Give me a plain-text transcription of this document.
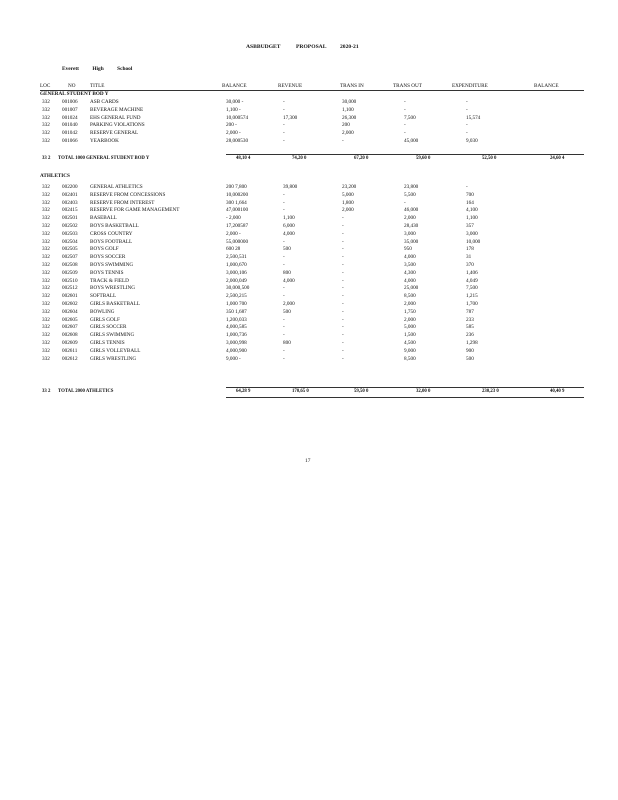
ASBBUDGET	PROPOSAL 2020-21
Everett High School
LOC	NO	TITLE	BALANCE	REVENUE	TRANS IN	TRANS OUT	EXPENDITURE	BALANCE
GENERAL STUDENT BOD Y
332 001006 ASB CARDS	30,000 -	-	30,000	-	-
332 001007 BEVERAGE MACHINE	1,100 -	-	1,100	-	-
332 001024 EHS GENERAL FUND	10,000574	17,300	26,300	7,500	15,574
332 001040 PARKING VIOLATIONS	200 -	-	200	-	-
332 001042 RESERVE GENERAL	2,000 -	-	2,000	-	-
332 001066 YEARBOOK	28,000530	-	-	45,000	9,030
33 2 TOTAL 1000 GENERAL STUDENT BOD Y	48,10 4	74,20 0	67,20 0	59,60 0	52,50 0	24,60 4
ATHLETICS
332 002200 GENERAL ATHLETICS	200 7,800	39,800	23,200	23,800	-
332 002401 RESERVE FROM CONCESSIONS	10,000200	-	5,000	5,500	700
332 002403 RESERVE FROM INTEREST	300 1,664	-	1,800	-	164
332 002415 RESERVE FOR GAME MANAGEMENT	47,000100	-	2,000	46,000	4,100
332 002501 BASEBALL	- 2,000	1,100	-	2,000	1,100
332 002502 BOYS BASKETBALL	17,200587	6,000	-	28,430	357
332 002503 CROSS COUNTRY	2,000 -	4,000	-	3,000	3,000
332 002504 BOYS FOOTBALL	55,000000	-	-	35,000	10,000
332 002505 BOYS GOLF	600 28	500	-	950	178
332 002507 BOYS SOCCER	2,500,531	-	-	4,000	31
332 002508 BOYS SWIMMING	1,000,670	-	-	3,500	370
332 002509 BOYS TENNIS	3,000,106	800	-	4,300	1,406
332 002510 TRACK & FIELD	2,000,049	4,000	-	4,000	4,049
332 002512 BOYS WRESTLING	30,000,500	-	-	25,000	7,500
332 002601 SOFTBALL	2,500,215	-	-	8,500	1,215
332 002602 GIRLS BASKETBALL	1,000 700	2,000	-	2,000	1,700
332 002604 BOWLING	350 1,687	500	-	1,750	787
332 002605 GIRLS GOLF	1,200,033	-	-	2,000	233
332 002607 GIRLS SOCCER	4,000,585	-	-	5,000	585
332 002608 GIRLS SWIMMING	1,000,736	-	-	1,500	236
332 002609 GIRLS TENNIS	3,000,998	800	-	4,500	1,298
332 002611 GIRLS VOLLEYBALL	4,000,900	-	-	9,000	900
332 002612 GIRLS WRESTLING	9,000 -	-	-	8,500	500
33 2 TOTAL 2000 ATHLETICS	64,28 9	170,65 0	59,50 0	32,00 0	230,23 0	40,40 9
17
